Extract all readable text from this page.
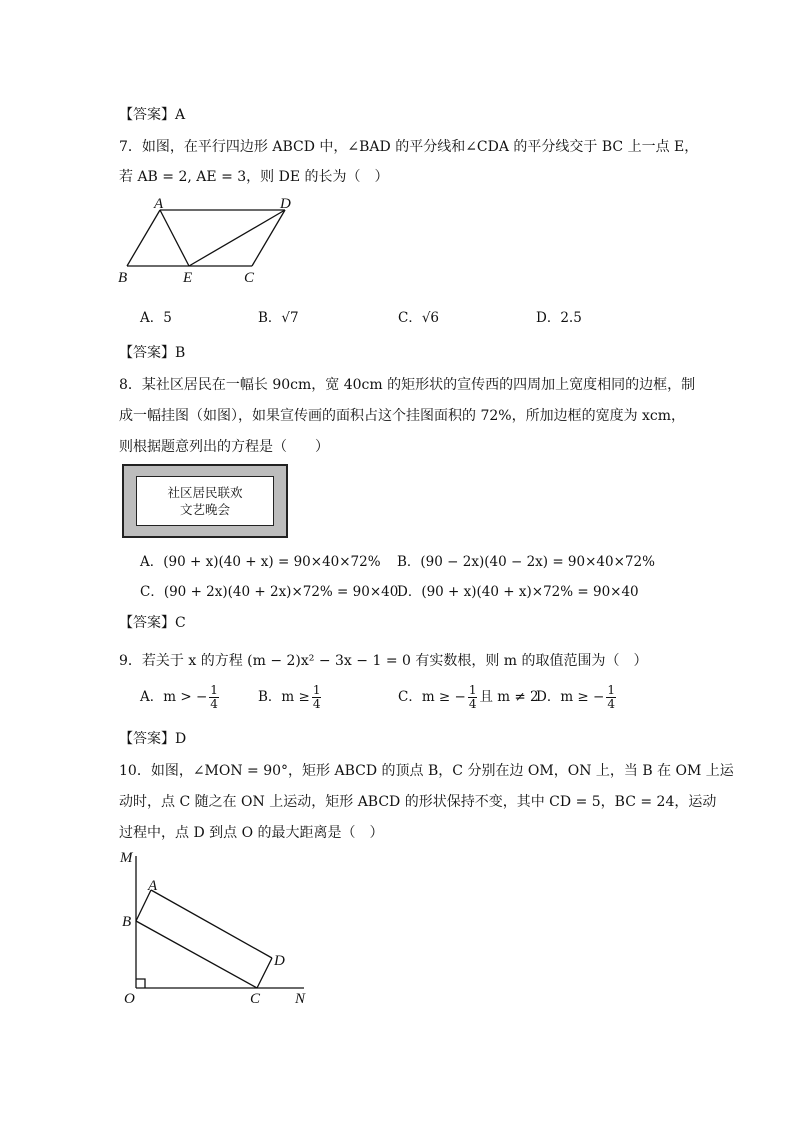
【答案】A
7．如图，在平行四边形 ABCD 中，∠BAD 的平分线和∠CDA 的平分线交于 BC 上一点 E，
若 AB = 2, AE = 3，则 DE 的长为（　）
A	D
B	E	C
A．5	B．√7	C．√6	D．2.5
【答案】B
8．某社区居民在一幅长 90cm，宽 40cm 的矩形状的宣传西的四周加上宽度相同的边框，制
成一幅挂图（如图），如果宣传画的面积占这个挂图面积的 72%，所加边框的宽度为 xcm，
则根据题意列出的方程是（　　）
社区居民联欢
文艺晚会
A．(90 + x)(40 + x) = 90×40×72% B．(90 − 2x)(40 − 2x) = 90×40×72%
C．(90 + 2x)(40 + 2x)×72% = 90×40
D．(90 + x)(40 + x)×72% = 90×40
【答案】C
9．若关于 x 的方程 (m − 2)x² − 3x − 1 = 0 有实数根，则 m 的取值范围为（　）
A．m > − $\frac{1}{4}$	B．$m \ge \frac{1}{4}$	C．m ≥ − $\frac{1}{4}$ 且 m ≠ 2
D．m ≥ − $\frac{1}{4}$
【答案】D
10．如图，∠MON = 90°，矩形 ABCD 的顶点 B，C 分别在边 OM，ON 上，当 B 在 OM 上运
动时，点 C 随之在 ON 上运动，矩形 ABCD 的形状保持不变，其中 CD = 5，BC = 24，运动
过程中，点 D 到点 O 的最大距离是（　）
M
A
B
D
O	C N
